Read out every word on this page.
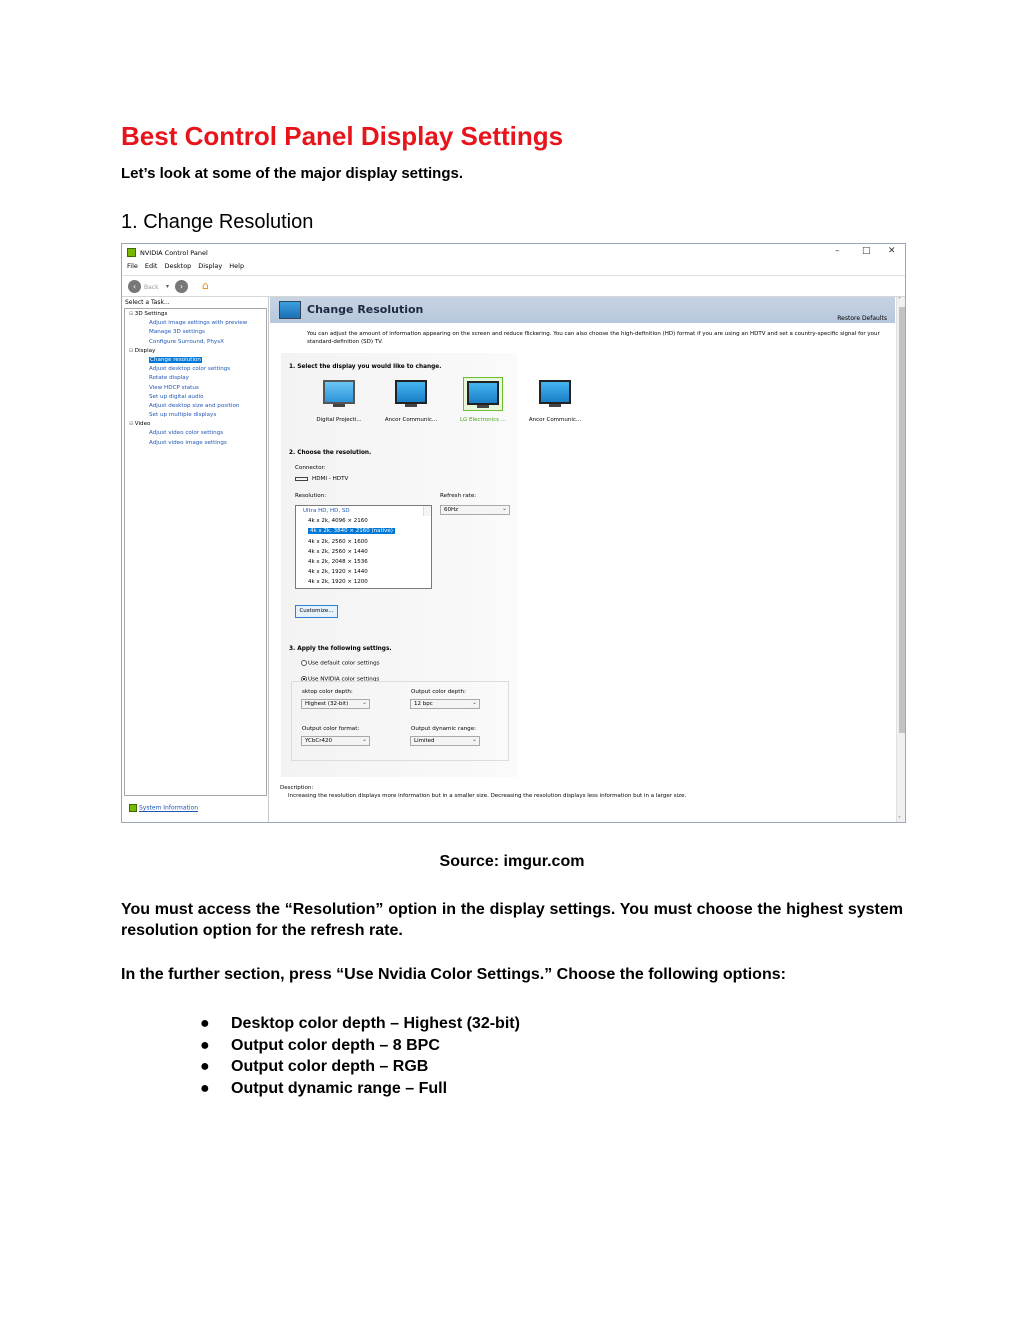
Best Control Panel Display Settings
Let’s look at some of the major display settings.
1. Change Resolution
NVIDIA Control Panel	–	□ ✕
File Edit Desktop Display Help
‹	Back ▾	›	⌂
Select a Task...
⊟ 3D Settings
Adjust image settings with preview
Manage 3D settings
Configure Surround, PhysX
⊟ Display
Change resolution
Adjust desktop color settings
Rotate display
View HDCP status
Set up digital audio
Adjust desktop size and position
Set up multiple displays
⊟ Video
Adjust video color settings
Adjust video image settings
System Information
Change Resolution
Restore Defaults
You can adjust the amount of information appearing on the screen and reduce flickering. You can also choose the high-definition (HD) format if you are using an HDTV and set a country-specific signal for your standard-definition (SD) TV.
1. Select the display you would like to change.
Digital Projecti...	Ancor Communic...	LG Electronics ...	Ancor Communic...
2. Choose the resolution.
Connector:
HDMI - HDTV
Resolution:	Refresh rate:
Ultra HD, HD, SD
4k x 2k, 4096 × 2160
4k x 2k, 3840 × 2160 (native)
4k x 2k, 2560 × 1600
4k x 2k, 2560 × 1440
4k x 2k, 2048 × 1536
4k x 2k, 1920 × 1440
4k x 2k, 1920 × 1200
60Hz ⌄
Customize...
3. Apply the following settings.
Use default color settings
Use NVIDIA color settings
sktop color depth:
Highest (32-bit) ⌄
Output color depth:
12 bpc ⌄
Output color format:
YCbCr420 ⌄
Output dynamic range:
Limited ⌄
Description:
Increasing the resolution displays more information but in a smaller size. Decreasing the resolution displays less information but in a larger size.
˄
˅
Source: imgur.com

You must access the “Resolution” option in the display settings. You must choose the highest system resolution option for the refresh rate.

In the further section, press “Use Nvidia Color Settings.” Choose the following options:

●	Desktop color depth – Highest (32-bit)
●	Output color depth – 8 BPC
●	Output color depth – RGB
●	Output dynamic range – Full
